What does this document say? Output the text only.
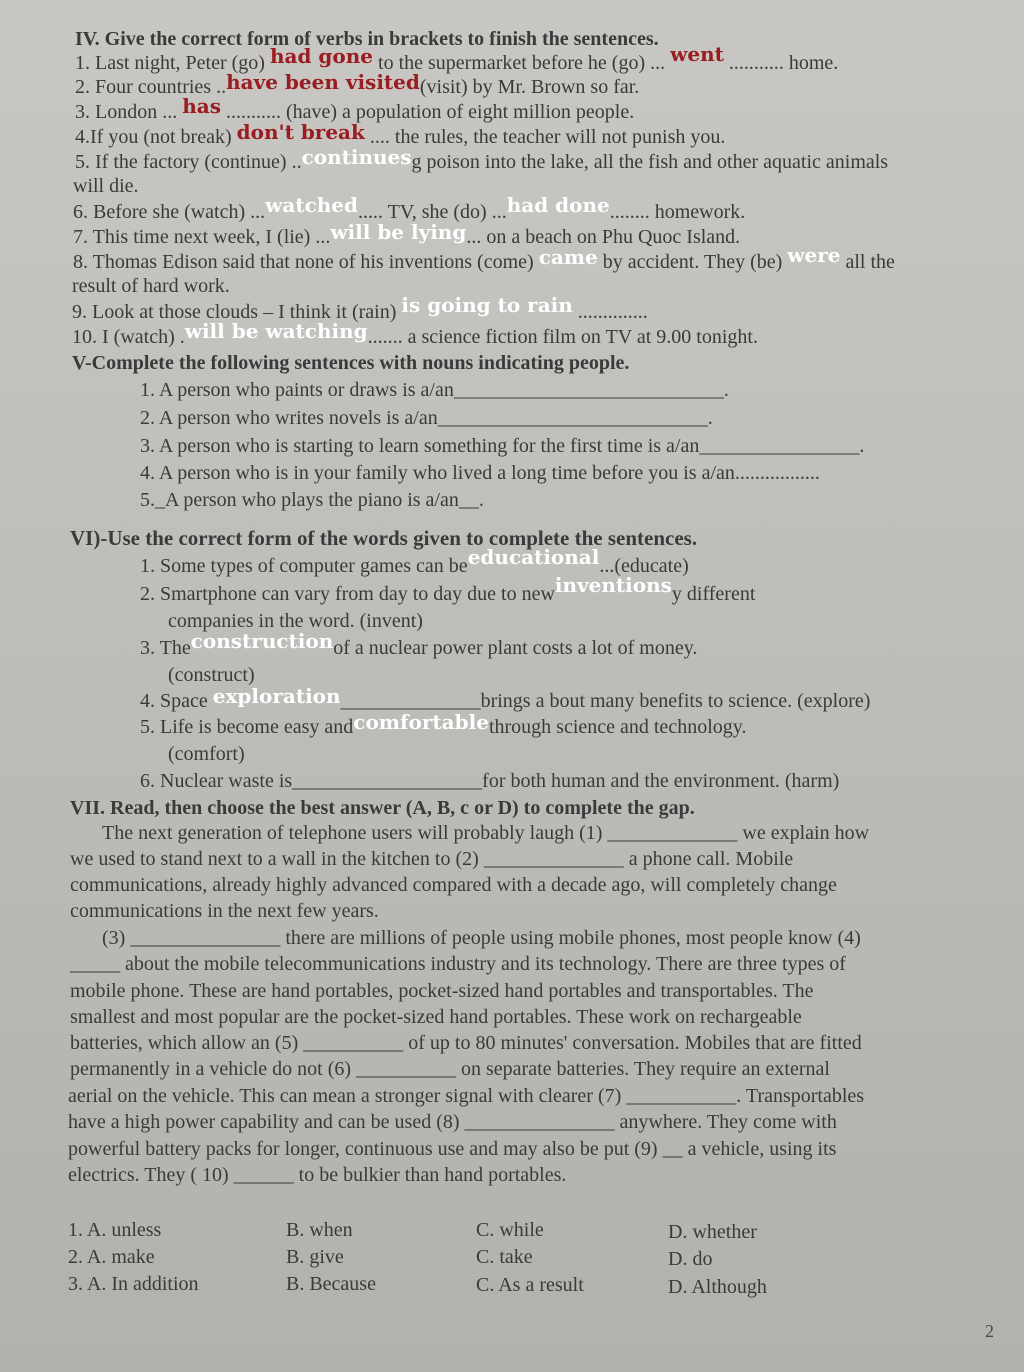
IV. Give the correct form of verbs in brackets to finish the sentences.
1. Last night, Peter (go) had gone to the supermarket before he (go) ... went ........... home.
2. Four countries ..have been visited(visit) by Mr. Brown so far.
3. London ... has ........... (have) a population of eight million people.
4.If you (not break) don't break .... the rules, the teacher will not punish you.
5. If the factory (continue) ..continuesg poison into the lake, all the fish and other aquatic animals
will die.
6. Before she (watch) ...watched..... TV, she (do) ...had done........ homework.
7. This time next week, I (lie) ...will be lying... on a beach on Phu Quoc Island.
8. Thomas Edison said that none of his inventions (come) came by accident. They (be) were all the
result of hard work.
9. Look at those clouds – I think it (rain) is going to rain ..............
10. I (watch) .will be watching....... a science fiction film on TV at 9.00 tonight.
V-Complete the following sentences with nouns indicating people.
1. A person who paints or draws is a/an___________________________.
2. A person who writes novels is a/an___________________________.
3. A person who is starting to learn something for the first time is a/an________________.
4. A person who is in your family who lived a long time before you is a/an.................
5._A person who plays the piano is a/an__.
VI)-Use the correct form of the words given to complete the sentences.
1. Some types of computer games can beeducational...(educate)
2. Smartphone can vary from day to day due to newinventionsy different
companies in the word. (invent)
3. Theconstructionof a nuclear power plant costs a lot of money.
(construct)
4. Space exploration______________brings a bout many benefits to science. (explore)
5. Life is become easy andcomfortablethrough science and technology.
(comfort)
6. Nuclear waste is___________________for both human and the environment. (harm)
VII. Read, then choose the best answer (A, B, c or D) to complete the gap.
The next generation of telephone users will probably laugh (1) _____________ we explain how
we used to stand next to a wall in the kitchen to (2) ______________ a phone call. Mobile
communications, already highly advanced compared with a decade ago, will completely change
communications in the next few years.
(3) _______________ there are millions of people using mobile phones, most people know (4)
_____ about the mobile telecommunications industry and its technology. There are three types of
mobile phone. These are hand portables, pocket-sized hand portables and transportables. The
smallest and most popular are the pocket-sized hand portables. These work on rechargeable
batteries, which allow an (5) __________ of up to 80 minutes' conversation. Mobiles that are fitted
permanently in a vehicle do not (6) __________ on separate batteries. They require an external
aerial on the vehicle. This can mean a stronger signal with clearer (7) ___________. Transportables
have a high power capability and can be used (8) _______________ anywhere. They come with
powerful battery packs for longer, continuous use and may also be put (9) __ a vehicle, using its
electrics. They ( 10) ______ to be bulkier than hand portables.
1. A. unless	B. when	C. while	D. whether
2. A. make	B. give	C. take	D. do
3. A. In addition	B. Because	C. As a result	D. Although
2
